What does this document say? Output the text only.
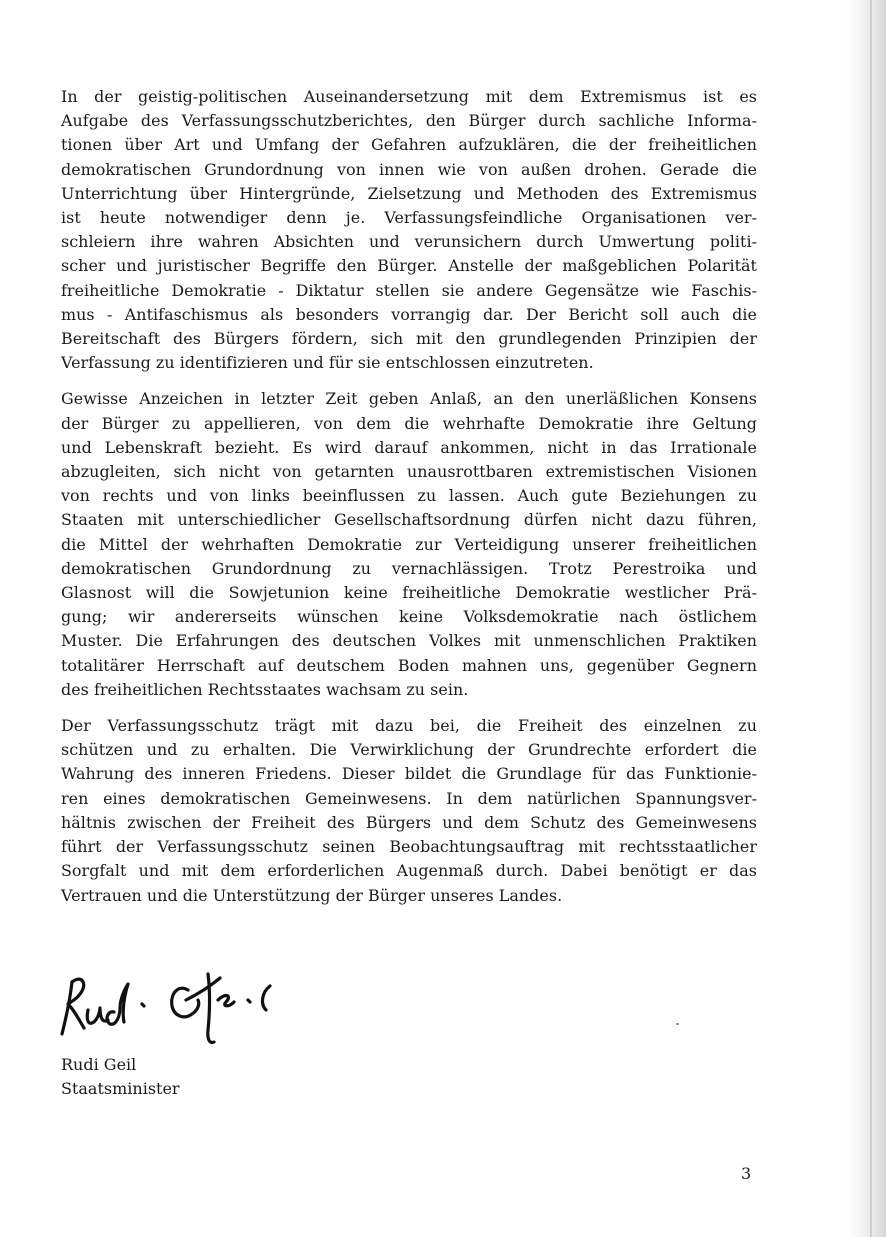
In der geistig-politischen Auseinandersetzung mit dem Extremismus ist es
Aufgabe des Verfassungsschutzberichtes, den Bürger durch sachliche Informa-
tionen über Art und Umfang der Gefahren aufzuklären, die der freiheitlichen
demokratischen Grundordnung von innen wie von außen drohen. Gerade die
Unterrichtung über Hintergründe, Zielsetzung und Methoden des Extremismus
ist heute notwendiger denn je. Verfassungsfeindliche Organisationen ver-
schleiern ihre wahren Absichten und verunsichern durch Umwertung politi-
scher und juristischer Begriffe den Bürger. Anstelle der maßgeblichen Polarität
freiheitliche Demokratie - Diktatur stellen sie andere Gegensätze wie Faschis-
mus - Antifaschismus als besonders vorrangig dar. Der Bericht soll auch die
Bereitschaft des Bürgers fördern, sich mit den grundlegenden Prinzipien der
Verfassung zu identifizieren und für sie entschlossen einzutreten.

Gewisse Anzeichen in letzter Zeit geben Anlaß, an den unerläßlichen Konsens
der Bürger zu appellieren, von dem die wehrhafte Demokratie ihre Geltung
und Lebenskraft bezieht. Es wird darauf ankommen, nicht in das Irrationale
abzugleiten, sich nicht von getarnten unausrottbaren extremistischen Visionen
von rechts und von links beeinflussen zu lassen. Auch gute Beziehungen zu
Staaten mit unterschiedlicher Gesellschaftsordnung dürfen nicht dazu führen,
die Mittel der wehrhaften Demokratie zur Verteidigung unserer freiheitlichen
demokratischen Grundordnung zu vernachlässigen. Trotz Perestroika und
Glasnost will die Sowjetunion keine freiheitliche Demokratie westlicher Prä-
gung; wir andererseits wünschen keine Volksdemokratie nach östlichem
Muster. Die Erfahrungen des deutschen Volkes mit unmenschlichen Praktiken
totalitärer Herrschaft auf deutschem Boden mahnen uns, gegenüber Gegnern
des freiheitlichen Rechtsstaates wachsam zu sein.

Der Verfassungsschutz trägt mit dazu bei, die Freiheit des einzelnen zu
schützen und zu erhalten. Die Verwirklichung der Grundrechte erfordert die
Wahrung des inneren Friedens. Dieser bildet die Grundlage für das Funktionie-
ren eines demokratischen Gemeinwesens. In dem natürlichen Spannungsver-
hältnis zwischen der Freiheit des Bürgers und dem Schutz des Gemeinwesens
führt der Verfassungsschutz seinen Beobachtungsauftrag mit rechtsstaatlicher
Sorgfalt und mit dem erforderlichen Augenmaß durch. Dabei benötigt er das
Vertrauen und die Unterstützung der Bürger unseres Landes.

Rudi Geil
Staatsminister
3
